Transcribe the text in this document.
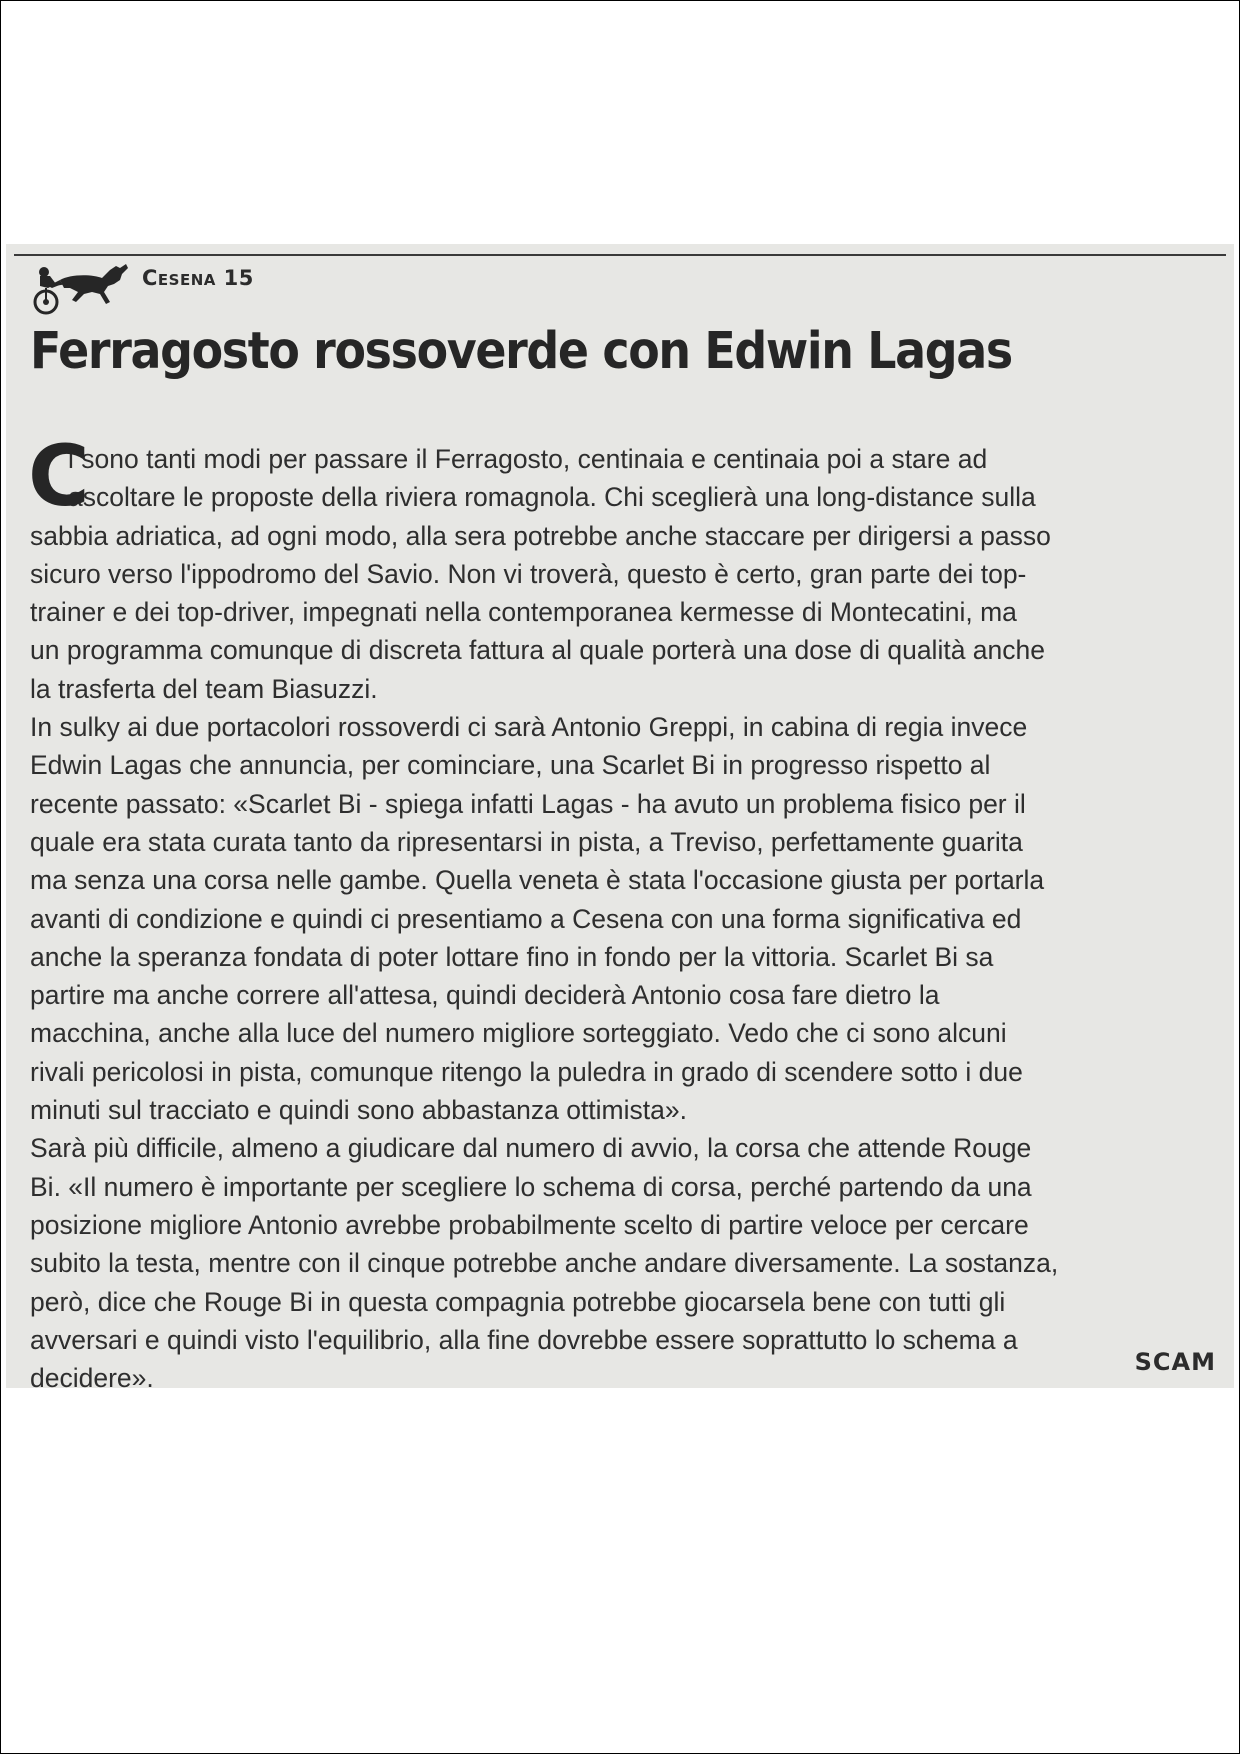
Cesena 15
Ferragosto rossoverde con Edwin Lagas
C
i sono tanti modi per passare il Ferragosto, centinaia e centinaia poi a stare ad
ascoltare le proposte della riviera romagnola. Chi sceglierà una long-distance sulla
sabbia adriatica, ad ogni modo, alla sera potrebbe anche staccare per dirigersi a passo
sicuro verso l'ippodromo del Savio. Non vi troverà, questo è certo, gran parte dei top-
trainer e dei top-driver, impegnati nella contemporanea kermesse di Montecatini, ma
un programma comunque di discreta fattura al quale porterà una dose di qualità anche
la trasferta del team Biasuzzi.
In sulky ai due portacolori rossoverdi ci sarà Antonio Greppi, in cabina di regia invece
Edwin Lagas che annuncia, per cominciare, una Scarlet Bi in progresso rispetto al
recente passato: «Scarlet Bi - spiega infatti Lagas - ha avuto un problema fisico per il
quale era stata curata tanto da ripresentarsi in pista, a Treviso, perfettamente guarita
ma senza una corsa nelle gambe. Quella veneta è stata l'occasione giusta per portarla
avanti di condizione e quindi ci presentiamo a Cesena con una forma significativa ed
anche la speranza fondata di poter lottare fino in fondo per la vittoria. Scarlet Bi sa
partire ma anche correre all'attesa, quindi deciderà Antonio cosa fare dietro la
macchina, anche alla luce del numero migliore sorteggiato. Vedo che ci sono alcuni
rivali pericolosi in pista, comunque ritengo la puledra in grado di scendere sotto i due
minuti sul tracciato e quindi sono abbastanza ottimista».
Sarà più difficile, almeno a giudicare dal numero di avvio, la corsa che attende Rouge
Bi. «Il numero è importante per scegliere lo schema di corsa, perché partendo da una
posizione migliore Antonio avrebbe probabilmente scelto di partire veloce per cercare
subito la testa, mentre con il cinque potrebbe anche andare diversamente. La sostanza,
però, dice che Rouge Bi in questa compagnia potrebbe giocarsela bene con tutti gli
avversari e quindi visto l'equilibrio, alla fine dovrebbe essere soprattutto lo schema a
decidere».
SCAM
